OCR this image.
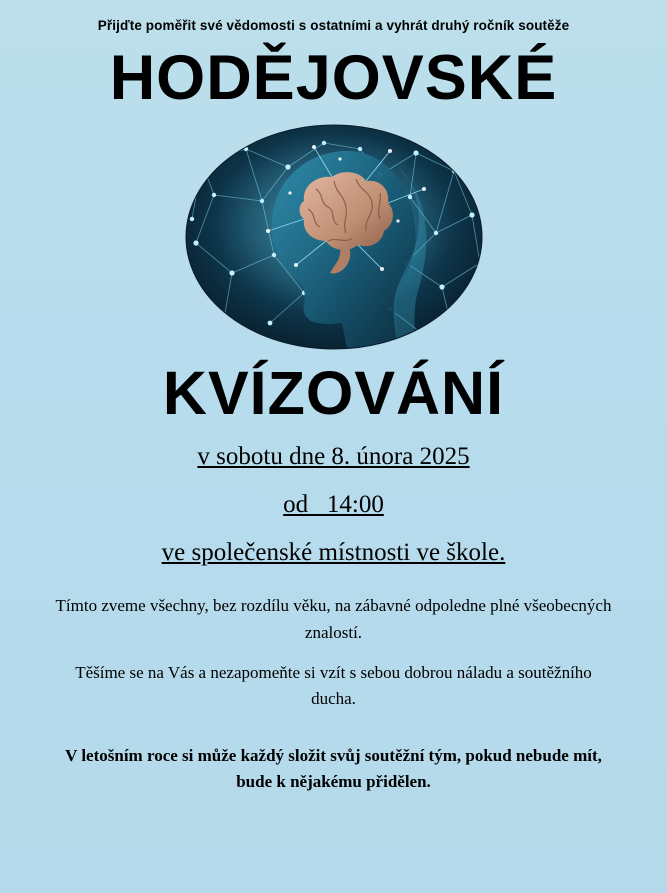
Přijďte poměřit své vědomosti s ostatními a vyhrát druhý ročník soutěže
HODĚJOVSKÉ
KVÍZOVÁNÍ
v sobotu dne 8. února 2025
od   14:00
ve společenské místnosti ve škole.
Tímto zveme všechny, bez rozdílu věku, na zábavné odpoledne plné všeobecných znalostí.
Těšíme se na Vás a nezapomeňte si vzít s sebou dobrou náladu a soutěžního ducha.
V letošním roce si může každý složit svůj soutěžní tým, pokud nebude mít, bude k nějakému přidělen.
